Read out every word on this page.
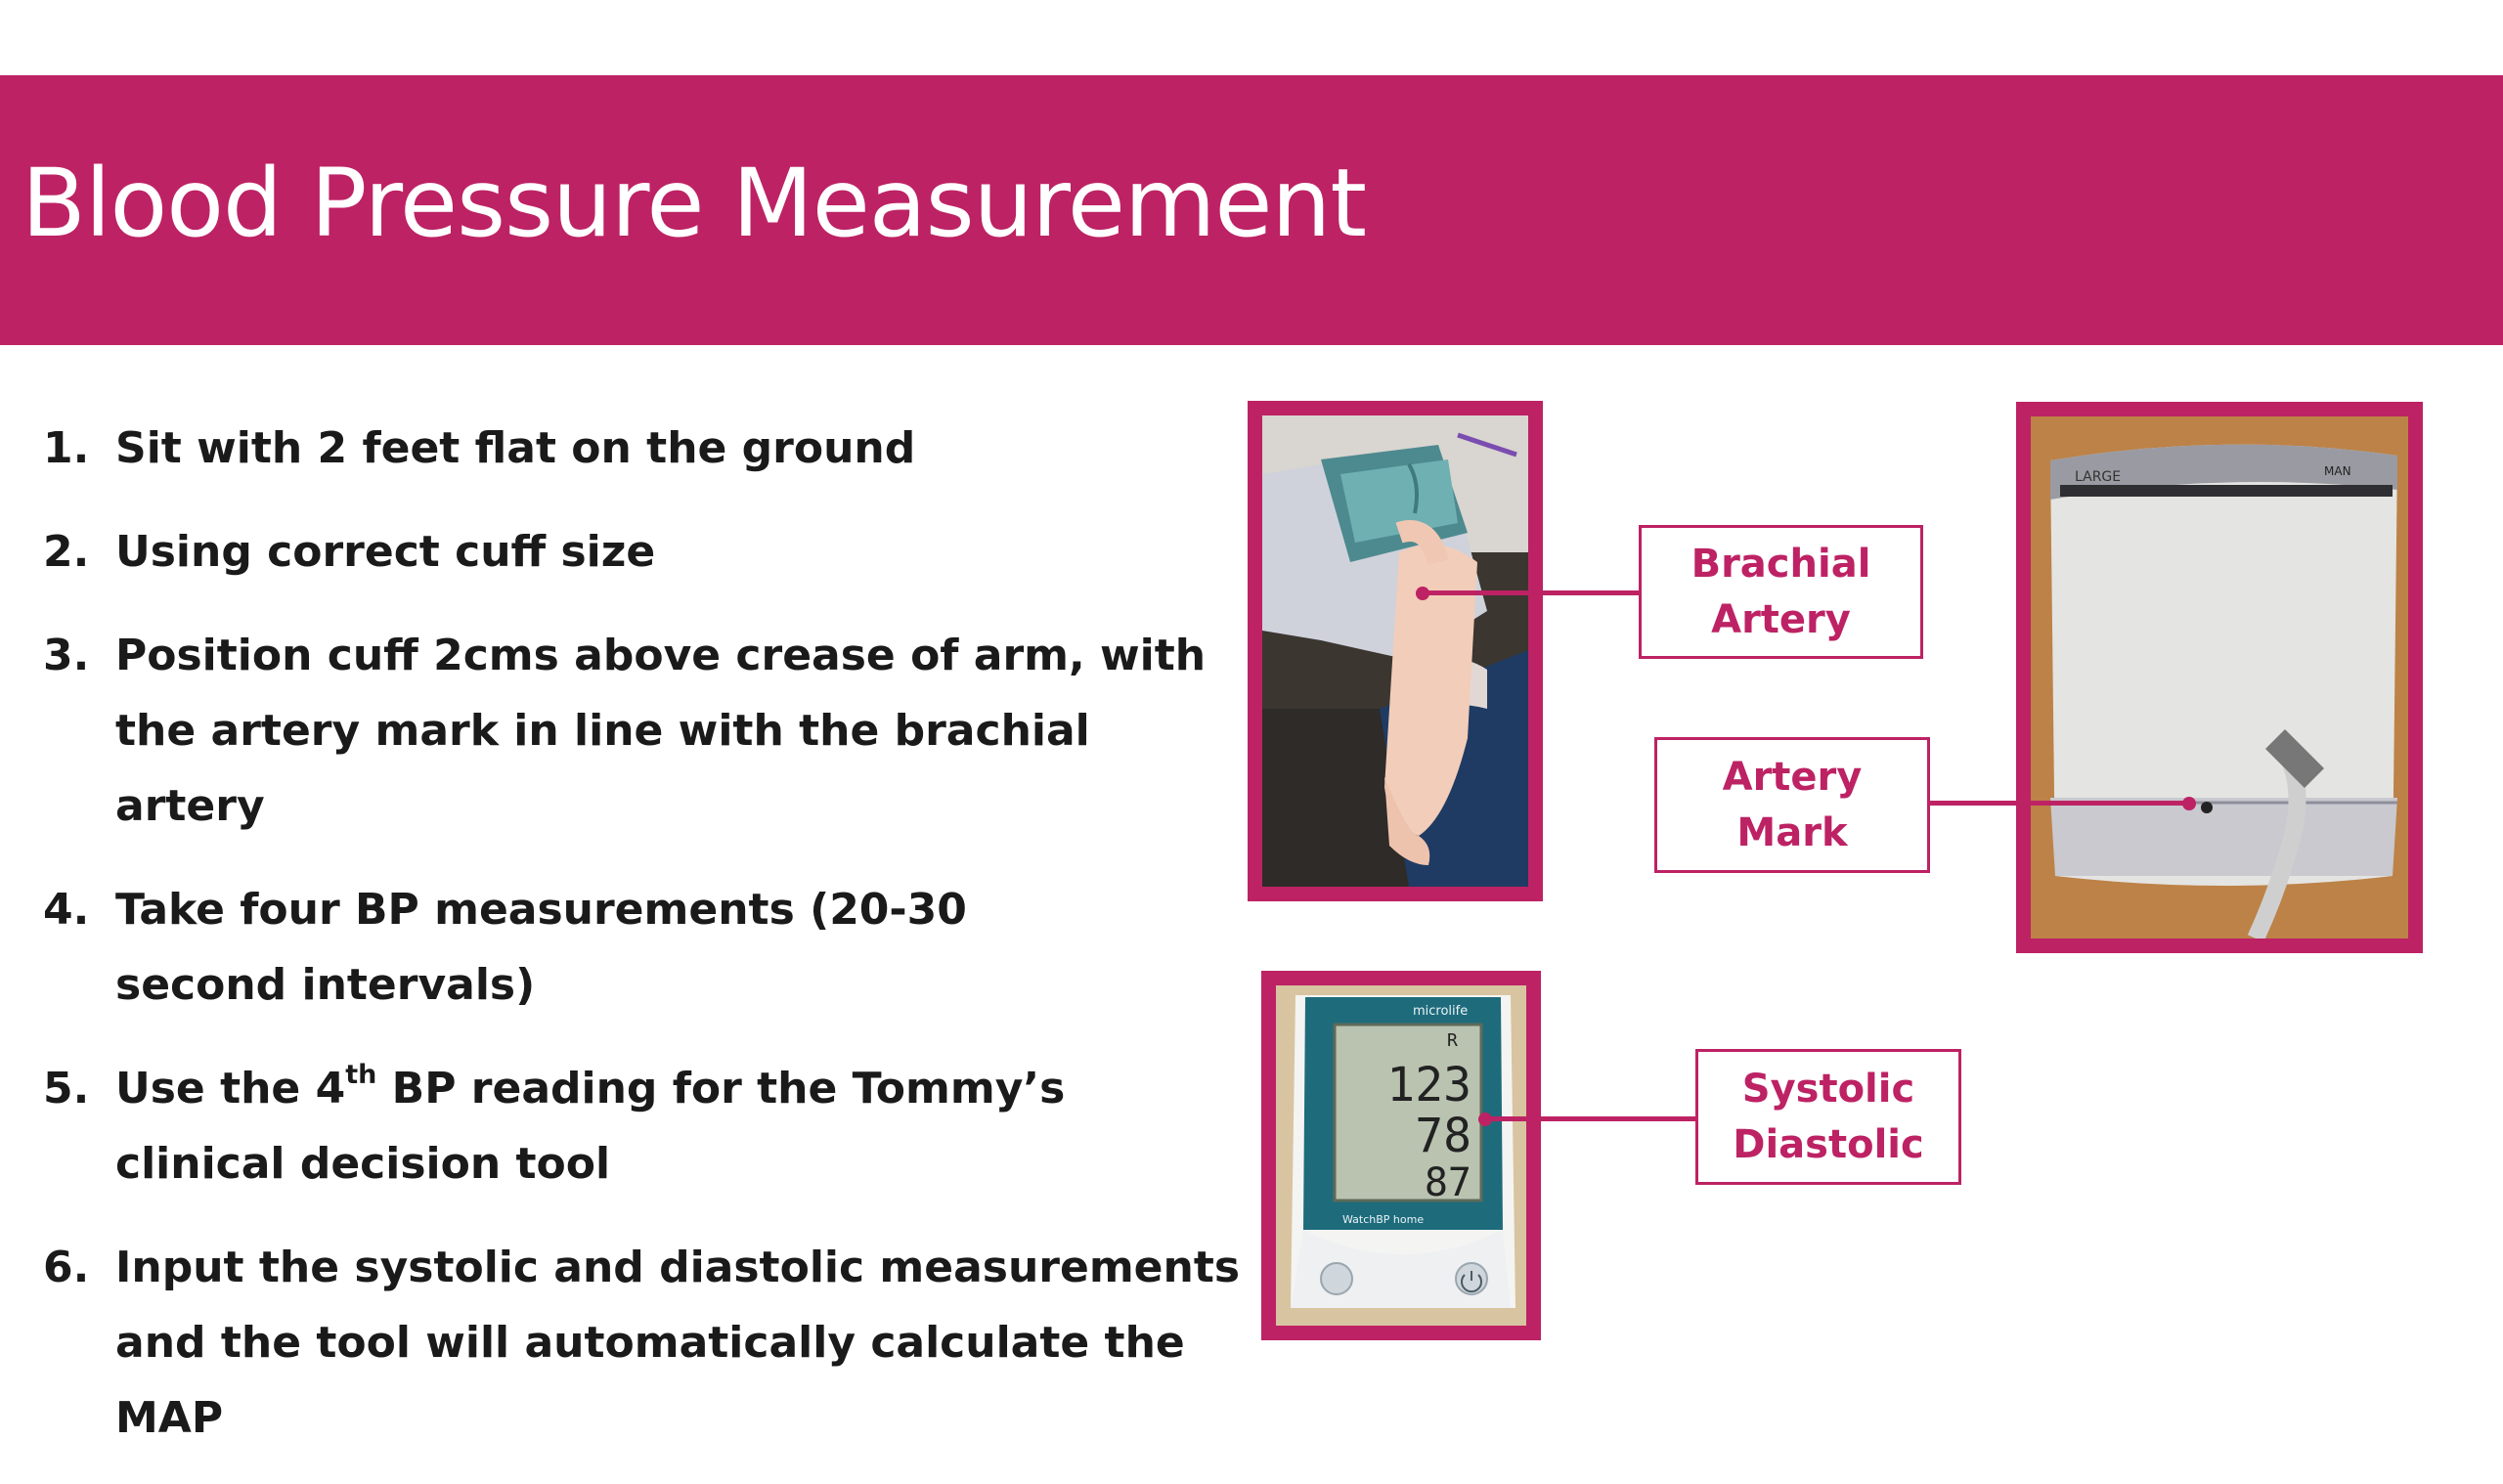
Blood Pressure Measurement
1. Sit with 2 feet flat on the ground
2. Using correct cuff size
3. Position cuff 2cms above crease of arm, with the artery mark in line with the brachial artery
4. Take four BP measurements (20-30 second intervals)
5. Use the 4th BP reading for the Tommy’s clinical decision tool
6. Input the systolic and diastolic measurements and the tool will automatically calculate the MAP
Brachial
Artery
LARGE	MAN
Artery
Mark
microlife
R
123
78
87
WatchBP home
Systolic
Diastolic
